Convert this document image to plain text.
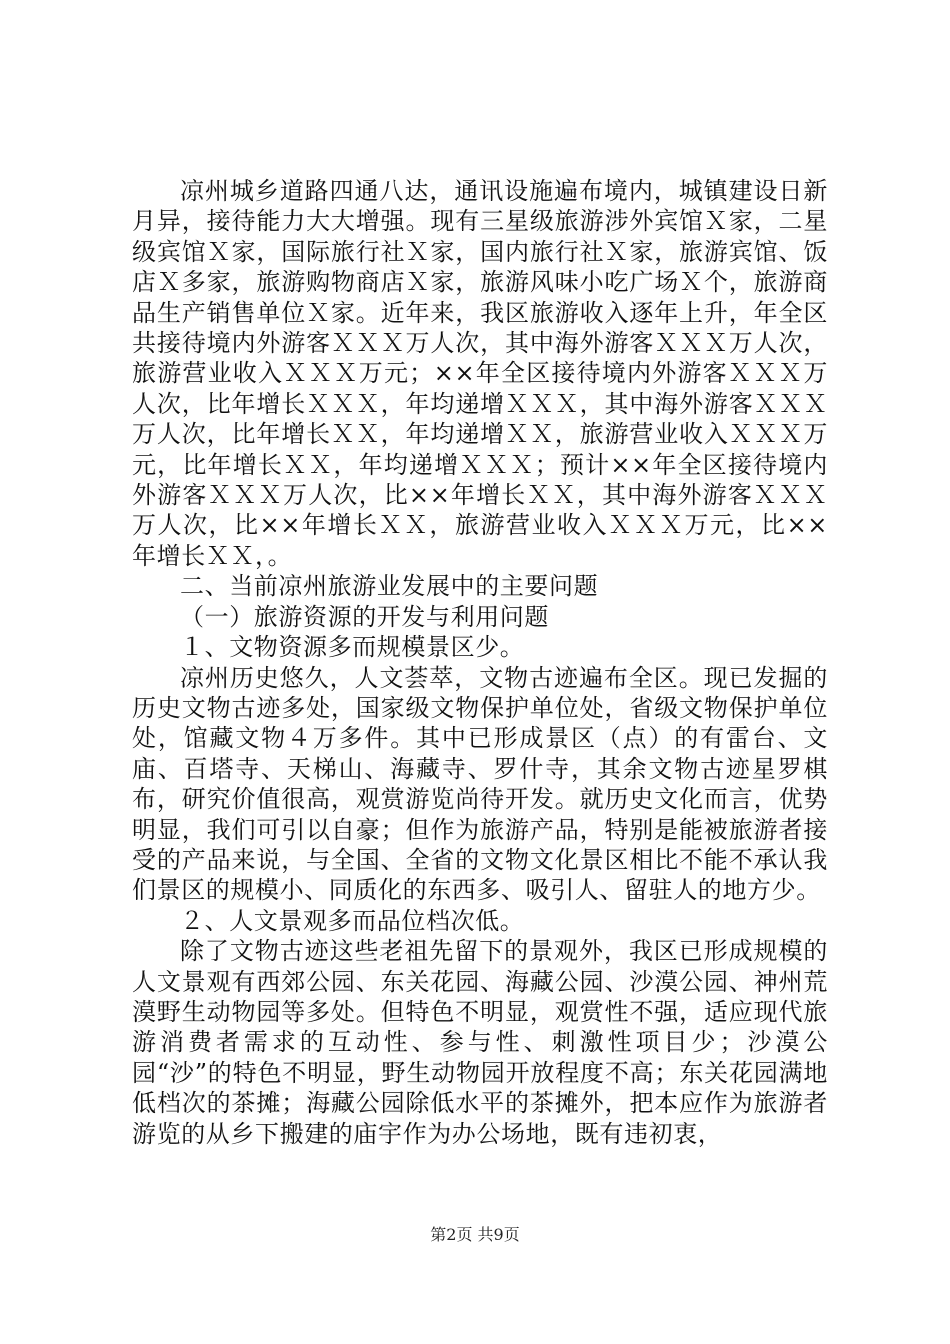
凉州城乡道路四通八达，通讯设施遍布境内，城镇建设日新月异，接待能力大大增强。现有三星级旅游涉外宾馆Ｘ家，二星级宾馆Ｘ家，国际旅行社Ｘ家，国内旅行社Ｘ家，旅游宾馆、饭店Ｘ多家，旅游购物商店Ｘ家，旅游风味小吃广场Ｘ个，旅游商品生产销售单位Ｘ家。近年来，我区旅游收入逐年上升，年全区共接待境内外游客ＸＸＸ万人次，其中海外游客ＸＸＸ万人次，旅游营业收入ＸＸＸ万元；××年全区接待境内外游客ＸＸＸ万人次，比年增长ＸＸＸ，年均递增ＸＸＸ，其中海外游客ＸＸＸ万人次，比年增长ＸＸ，年均递增ＸＸ，旅游营业收入ＸＸＸ万元，比年增长ＸＸ，年均递增ＸＸＸ；预计××年全区接待境内外游客ＸＸＸ万人次，比××年增长ＸＸ，其中海外游客ＸＸＸ万人次，比××年增长ＸＸ，旅游营业收入ＸＸＸ万元，比××年增长ＸＸ，。

二、当前凉州旅游业发展中的主要问题

（一）旅游资源的开发与利用问题

１、文物资源多而规模景区少。

凉州历史悠久，人文荟萃，文物古迹遍布全区。现已发掘的历史文物古迹多处，国家级文物保护单位处，省级文物保护单位处，馆藏文物４万多件。其中已形成景区（点）的有雷台、文庙、百塔寺、天梯山、海藏寺、罗什寺，其余文物古迹星罗棋布，研究价值很高，观赏游览尚待开发。就历史文化而言，优势明显，我们可引以自豪；但作为旅游产品，特别是能被旅游者接受的产品来说，与全国、全省的文物文化景区相比不能不承认我们景区的规模小、同质化的东西多、吸引人、留驻人的地方少。

２、人文景观多而品位档次低。

除了文物古迹这些老祖先留下的景观外，我区已形成规模的人文景观有西郊公园、东关花园、海藏公园、沙漠公园、神州荒漠野生动物园等多处。但特色不明显，观赏性不强，适应现代旅游消费者需求的互动性、参与性、刺激性项目少；沙漠公园“沙”的特色不明显，野生动物园开放程度不高；东关花园满地低档次的茶摊；海藏公园除低水平的茶摊外，把本应作为旅游者游览的从乡下搬建的庙宇作为办公场地，既有违初衷，

第2页 共9页
